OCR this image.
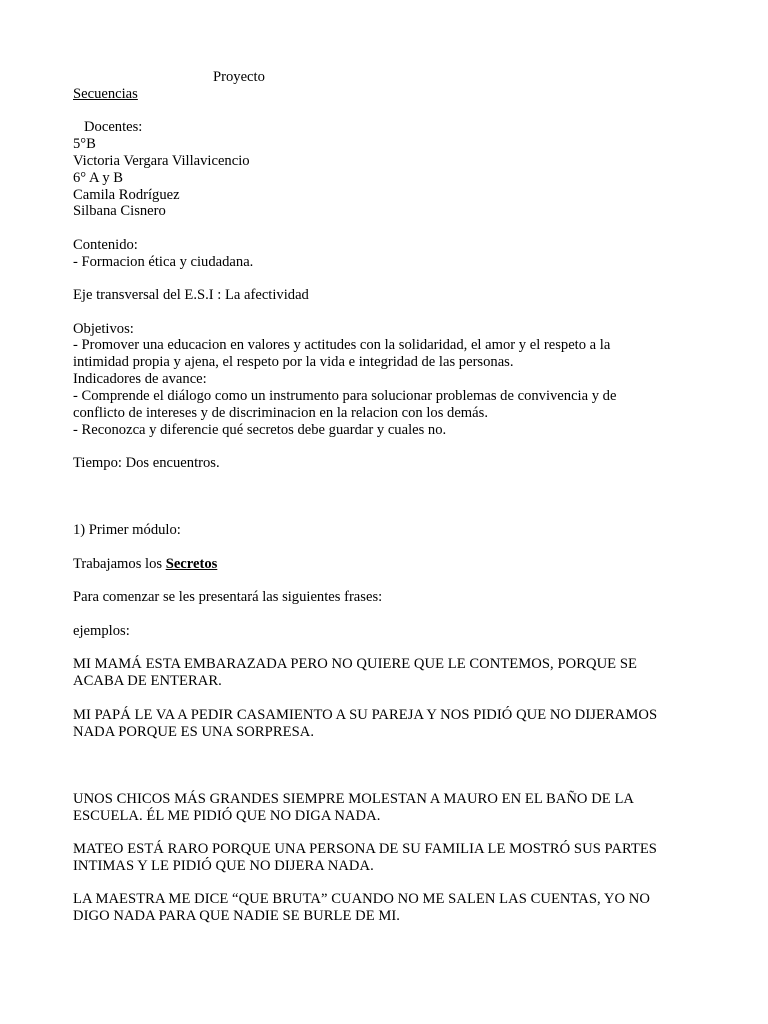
Proyecto
Secuencias
Docentes:
5°B
Victoria Vergara Villavicencio
6° A y B
Camila Rodríguez
Silbana Cisnero
Contenido:
- Formacion ética y ciudadana.
Eje transversal del E.S.I : La afectividad
Objetivos:
- Promover una educacion en valores y actitudes con la solidaridad, el amor y el respeto a la
intimidad propia y ajena, el respeto por la vida e integridad de las personas.
Indicadores de avance:
- Comprende el diálogo como un instrumento para solucionar problemas de convivencia y de
conflicto de intereses y de discriminacion en la relacion con los demás.
- Reconozca y diferencie qué secretos debe guardar y cuales no.
Tiempo: Dos encuentros.
1) Primer módulo:
Trabajamos los Secretos
Para comenzar se les presentará las siguientes frases:
ejemplos:
MI MAMÁ ESTA EMBARAZADA PERO NO QUIERE QUE LE CONTEMOS, PORQUE SE
ACABA DE ENTERAR.
MI PAPÁ LE VA A PEDIR CASAMIENTO A SU PAREJA Y NOS PIDIÓ QUE NO DIJERAMOS
NADA PORQUE ES UNA SORPRESA.
UNOS CHICOS MÁS GRANDES SIEMPRE MOLESTAN A MAURO EN EL BAÑO DE LA
ESCUELA. ÉL ME PIDIÓ QUE NO DIGA NADA.
MATEO ESTÁ RARO PORQUE UNA PERSONA DE SU FAMILIA LE MOSTRÓ SUS PARTES
INTIMAS Y LE PIDIÓ QUE NO DIJERA NADA.
LA MAESTRA ME DICE “QUE BRUTA” CUANDO NO ME SALEN LAS CUENTAS, YO NO
DIGO NADA PARA QUE NADIE SE BURLE DE MI.
